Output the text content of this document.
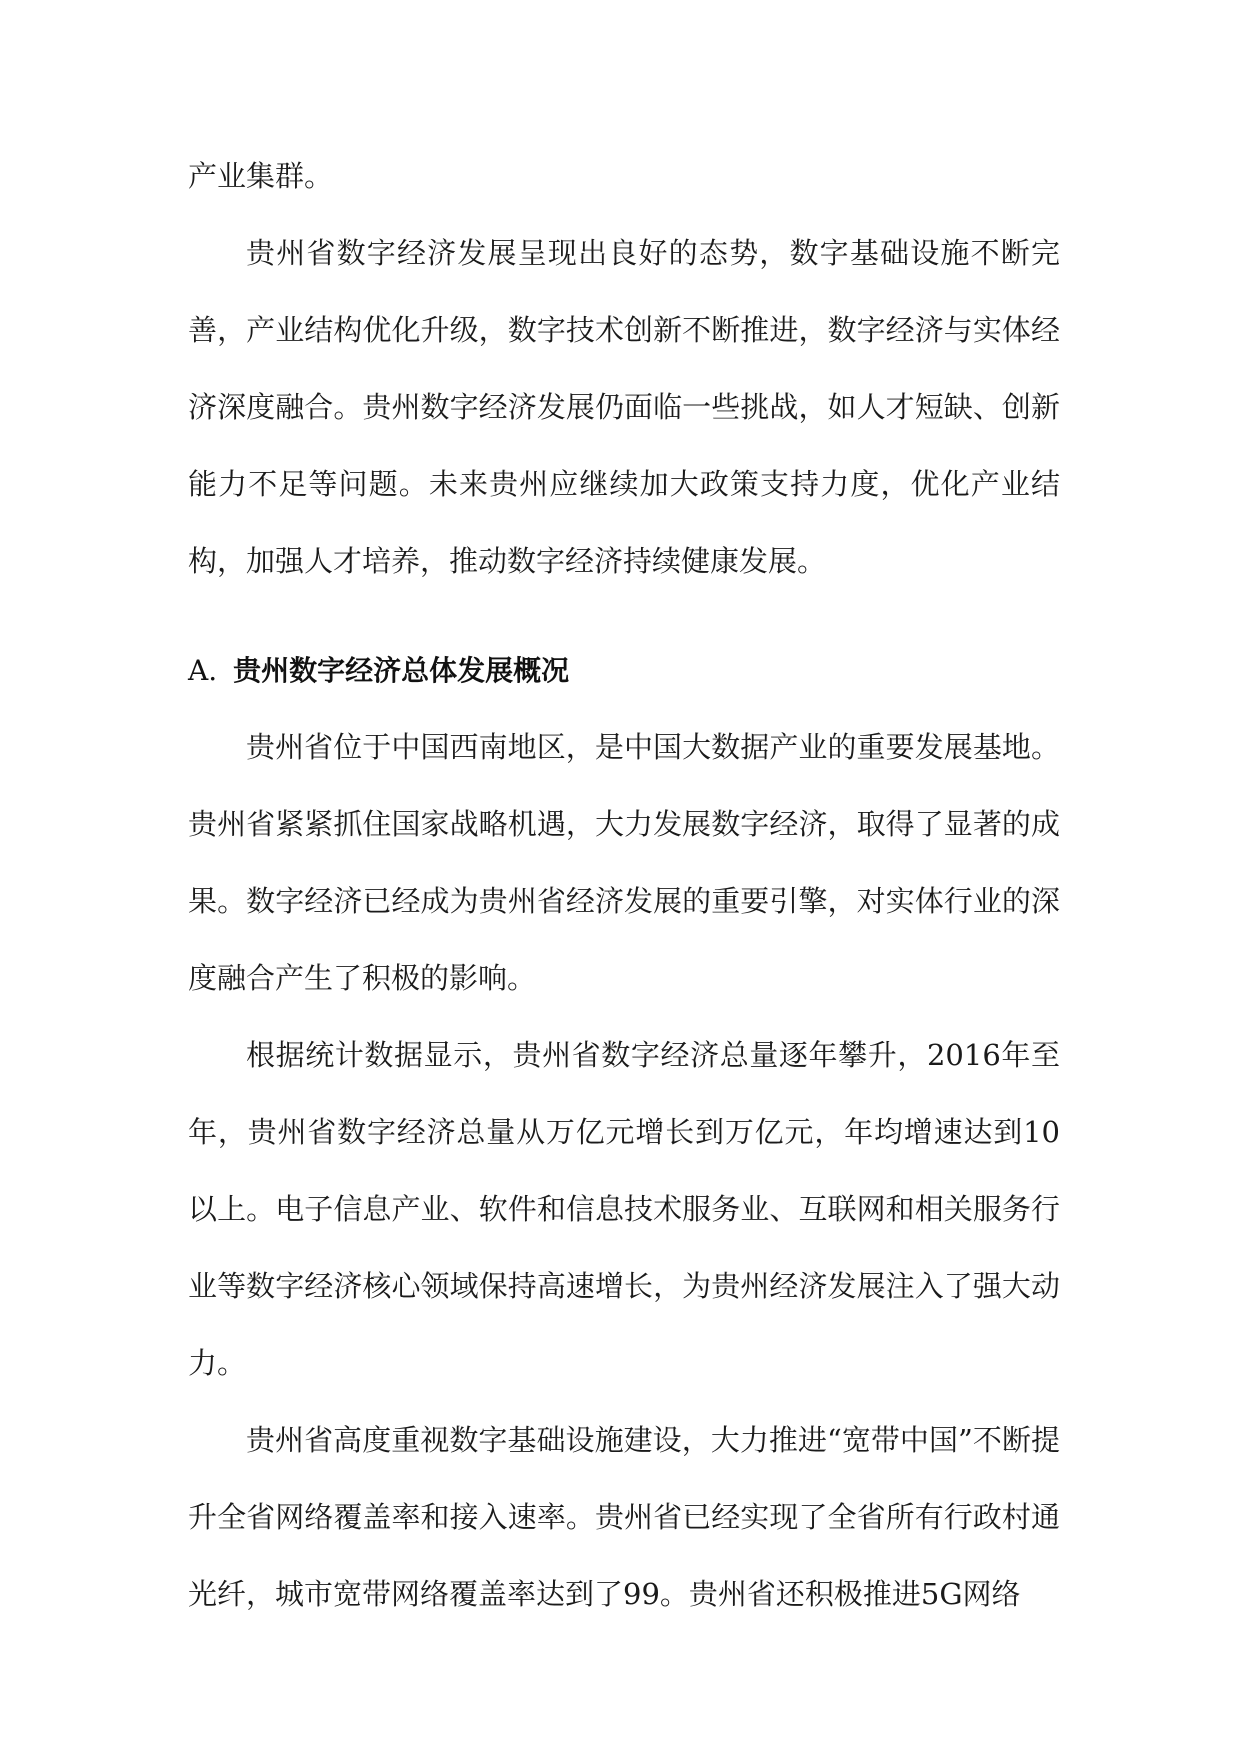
产业集群。

贵州省数字经济发展呈现出良好的态势，数字基础设施不断完善，产业结构优化升级，数字技术创新不断推进，数字经济与实体经济深度融合。贵州数字经济发展仍面临一些挑战，如人才短缺、创新能力不足等问题。未来贵州应继续加大政策支持力度，优化产业结构，加强人才培养，推动数字经济持续健康发展。

A. 贵州数字经济总体发展概况

贵州省位于中国西南地区，是中国大数据产业的重要发展基地。贵州省紧紧抓住国家战略机遇，大力发展数字经济，取得了显著的成果。数字经济已经成为贵州省经济发展的重要引擎，对实体行业的深度融合产生了积极的影响。

根据统计数据显示，贵州省数字经济总量逐年攀升，2016年至年，贵州省数字经济总量从万亿元增长到万亿元，年均增速达到10以上。电子信息产业、软件和信息技术服务业、互联网和相关服务行业等数字经济核心领域保持高速增长，为贵州经济发展注入了强大动力。

贵州省高度重视数字基础设施建设，大力推进“宽带中国”不断提升全省网络覆盖率和接入速率。贵州省已经实现了全省所有行政村通光纤，城市宽带网络覆盖率达到了99。贵州省还积极推进5G网络
